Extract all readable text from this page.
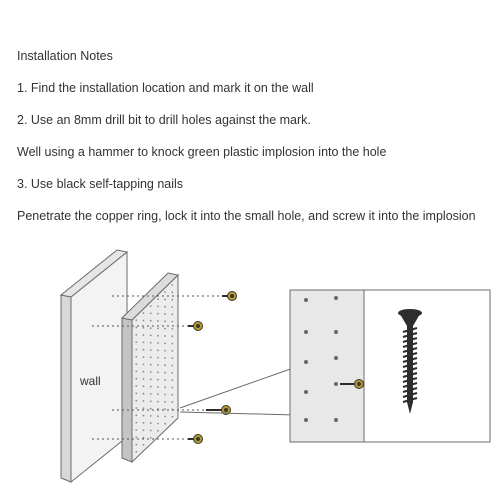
Installation Notes
1. Find the installation location and mark it on the wall
2. Use an 8mm drill bit to drill holes against the mark.
Well using a hammer to knock green plastic implosion into the hole
3. Use black self-tapping nails
Penetrate the copper ring, lock it into the small hole, and screw it into the implosion
wall
